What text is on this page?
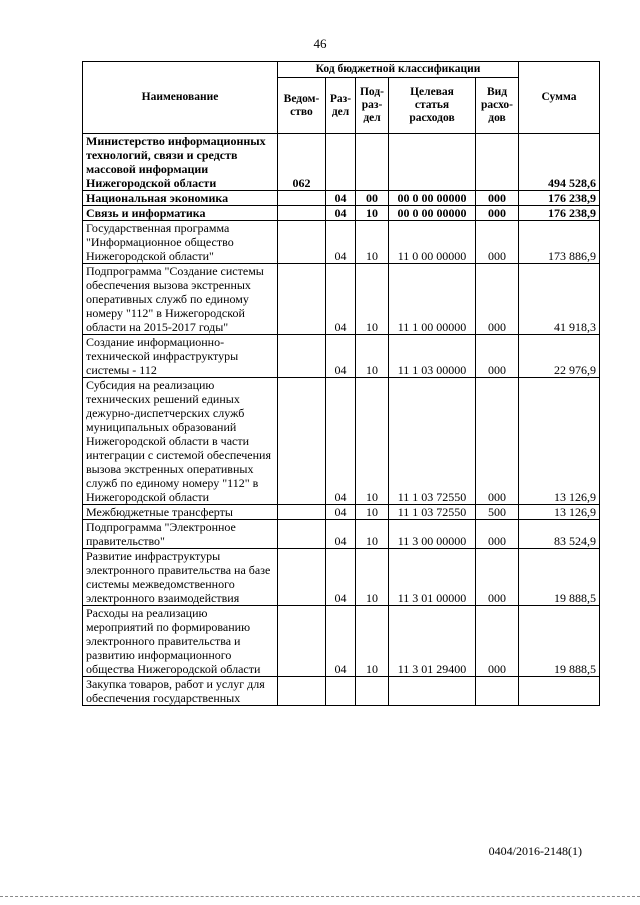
46
Наименование	Код бюджетной классификации					Сумма
	Ведом-ство	Раз-дел	Под-раз-дел	Целевая статья расходов	Вид расхо-дов	
Министерство информационных технологий, связи и средств массовой информации Нижегородской области	062					494 528,6
Национальная экономика		04	00	00 0 00 00000	000	176 238,9
Связь и информатика		04	10	00 0 00 00000	000	176 238,9
Государственная программа "Информационное общество Нижегородской области"		04	10	11 0 00 00000	000	173 886,9
Подпрограмма "Создание системы обеспечения вызова экстренных оперативных служб по единому номеру "112" в Нижегородской области на 2015-2017 годы"		04	10	11 1 00 00000	000	41 918,3
Создание информационно-технической инфраструктуры системы - 112		04	10	11 1 03 00000	000	22 976,9
Субсидия на реализацию технических решений единых дежурно-диспетчерских служб муниципальных образований Нижегородской области в части интеграции с системой обеспечения вызова экстренных оперативных служб по единому номеру "112" в Нижегородской области		04	10	11 1 03 72550	000	13 126,9
Межбюджетные трансферты		04	10	11 1 03 72550	500	13 126,9
Подпрограмма "Электронное правительство"		04	10	11 3 00 00000	000	83 524,9
Развитие инфраструктуры электронного правительства на базе системы межведомственного электронного взаимодействия		04	10	11 3 01 00000	000	19 888,5
Расходы на реализацию мероприятий по формированию электронного правительства и развитию информационного общества Нижегородской области		04	10	11 3 01 29400	000	19 888,5
Закупка товаров, работ и услуг для обеспечения государственных						
0404/2016-2148(1)
